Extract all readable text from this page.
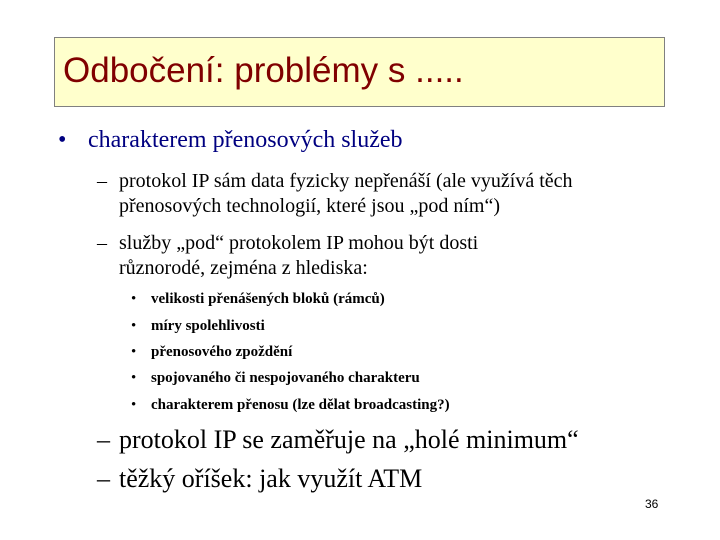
Odbočení: problémy s .....
• charakterem přenosových služeb
– protokol IP sám data fyzicky nepřenáší (ale využívá těch přenosových technologií, které jsou „pod ním“)
– služby „pod“ protokolem IP mohou být dosti různorodé, zejména z hlediska:
• velikosti přenášených bloků (rámců)
• míry spolehlivosti
• přenosového zpoždění
• spojovaného či nespojovaného charakteru
• charakterem přenosu (lze dělat broadcasting?)
– protokol IP se zaměřuje na „holé minimum“
– těžký oříšek: jak využít ATM
36
